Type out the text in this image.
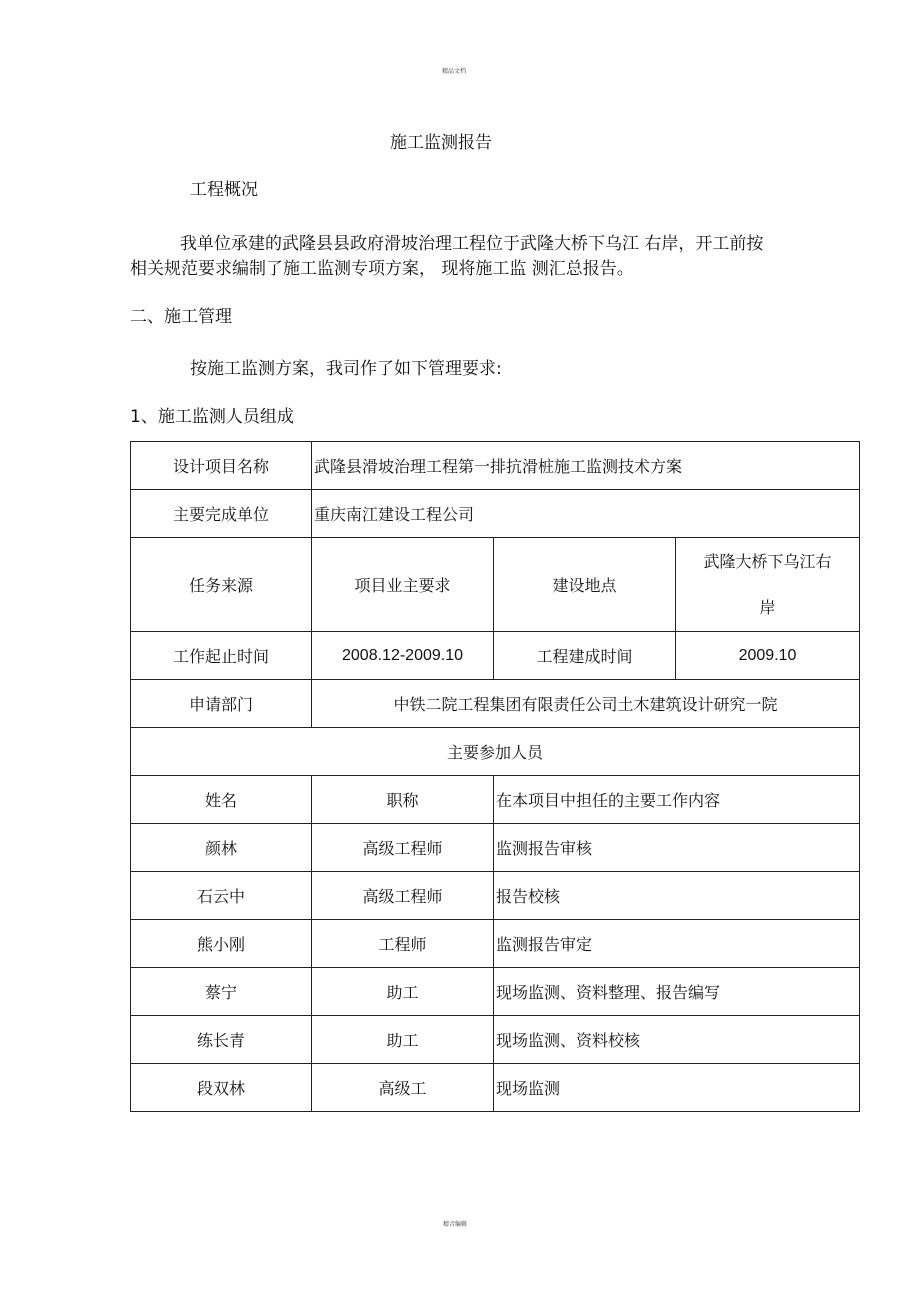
精品文档
施工监测报告
工程概况
我单位承建的武隆县县政府滑坡治理工程位于武隆大桥下乌江 右岸，开工前按
相关规范要求编制了施工监测专项方案， 现将施工监 测汇总报告。
二、施工管理
按施工监测方案，我司作了如下管理要求:
1、施工监测人员组成
设计项目名称	武隆县滑坡治理工程第一排抗滑桩施工监测技术方案		
主要完成单位	重庆南江建设工程公司		
任务来源	项目业主要求	建设地点	武隆大桥下乌江右
岸

工作起止时间	2008.12-2009.10	工程建成时间	2009.10
申请部门	中铁二院工程集团有限责任公司土木建筑设计研究一院		
主要参加人员			
姓名	职称	在本项目中担任的主要工作内容	
颜林	高级工程师	监测报告审核	
石云中	高级工程师	报告校核	
熊小刚	工程师	监测报告审定	
蔡宁	助工	现场监测、资料整理、报告编写	
练长青	助工	现场监测、资料校核	
段双林	高级工	现场监测	
精音编辑
